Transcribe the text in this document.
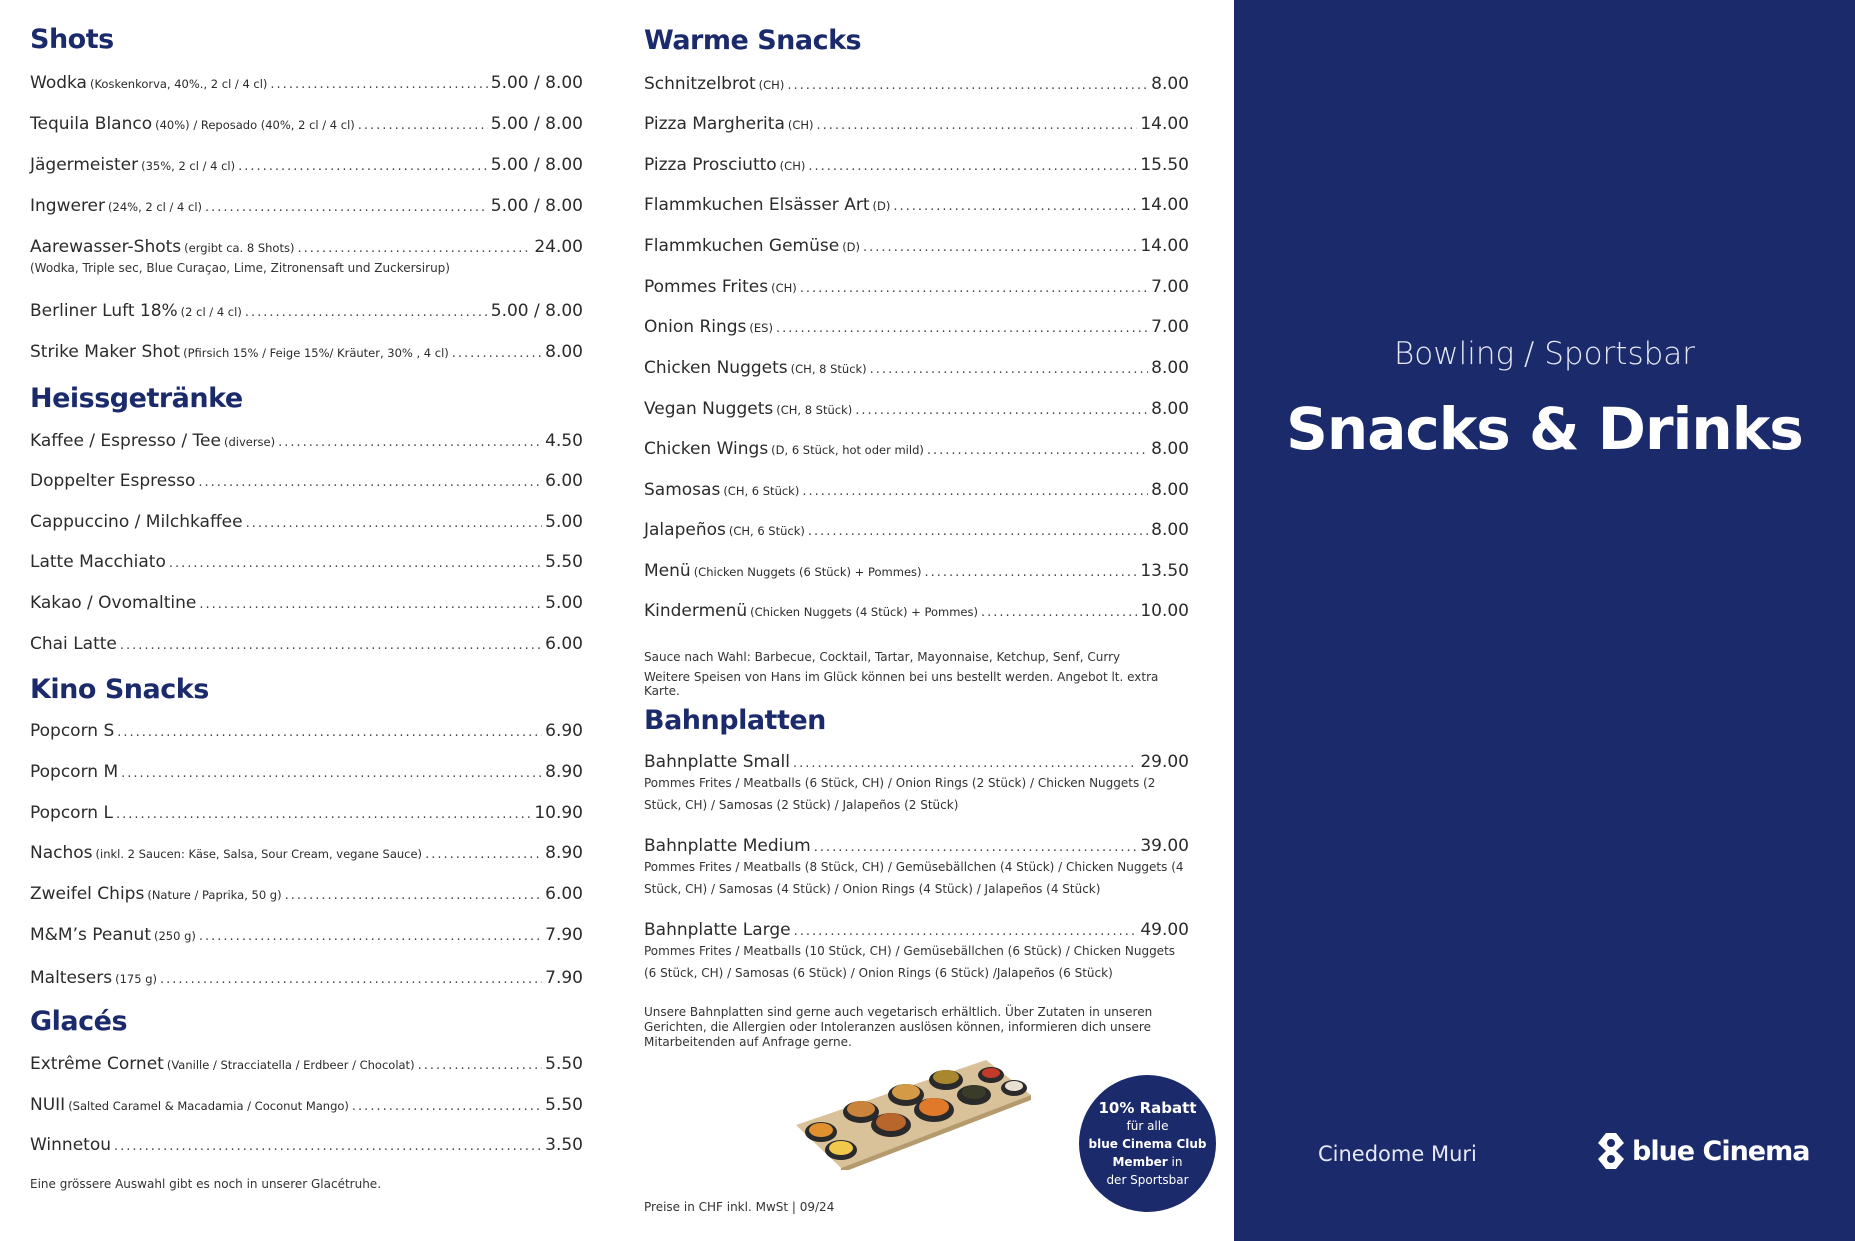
Shots
Wodka (Koskenkorva, 40%., 2 cl / 4 cl) .....	5.00 / 8.00
Tequila Blanco (40%) / Reposado (40%, 2 cl / 4 cl) .....	5.00 / 8.00
Jägermeister (35%, 2 cl / 4 cl) .....	5.00 / 8.00
Ingwerer (24%, 2 cl / 4 cl) .....	5.00 / 8.00
Aarewasser-Shots (ergibt ca. 8 Shots) .....	24.00
(Wodka, Triple sec, Blue Curaçao, Lime, Zitronensaft und Zuckersirup)
Berliner Luft 18% (2 cl / 4 cl) .....	5.00 / 8.00
Strike Maker Shot (Pfirsich 15% / Feige 15%/ Kräuter, 30% , 4 cl) .....	8.00
Heissgetränke
Kaffee / Espresso / Tee (diverse) .....	4.50
Doppelter Espresso .....	6.00
Cappuccino / Milchkaffee .....	5.00
Latte Macchiato .....	5.50
Kakao / Ovomaltine .....	5.00
Chai Latte .....	6.00
Kino Snacks
Popcorn S .....	6.90
Popcorn M .....	8.90
Popcorn L .....	10.90
Nachos (inkl. 2 Saucen: Käse, Salsa, Sour Cream, vegane Sauce) .....	8.90
Zweifel Chips (Nature / Paprika, 50 g) .....	6.00
M&M’s Peanut (250 g) .....	7.90
Maltesers (175 g) .....	7.90
Glacés
Extrême Cornet (Vanille / Stracciatella / Erdbeer / Chocolat) .....	5.50
NUII (Salted Caramel & Macadamia / Coconut Mango) .....	5.50
Winnetou .....	3.50
Eine grössere Auswahl gibt es noch in unserer Glacétruhe.
Warme Snacks
Schnitzelbrot (CH) .....	8.00
Pizza Margherita (CH) .....	14.00
Pizza Prosciutto (CH) .....	15.50
Flammkuchen Elsässer Art (D) .....	14.00
Flammkuchen Gemüse (D) .....	14.00
Pommes Frites (CH) .....	7.00
Onion Rings (ES) .....	7.00
Chicken Nuggets (CH, 8 Stück) .....	8.00
Vegan Nuggets (CH, 8 Stück) .....	8.00
Chicken Wings (D, 6 Stück, hot oder mild) .....	8.00
Samosas (CH, 6 Stück) .....	8.00
Jalapeños (CH, 6 Stück) .....	8.00
Menü (Chicken Nuggets (6 Stück) + Pommes) .....	13.50
Kindermenü (Chicken Nuggets (4 Stück) + Pommes) .....	10.00
Sauce nach Wahl: Barbecue, Cocktail, Tartar, Mayonnaise, Ketchup, Senf, Curry
Weitere Speisen von Hans im Glück können bei uns bestellt werden. Angebot lt. extra Karte.
Bahnplatten
Bahnplatte Small .....	29.00
Pommes Frites / Meatballs (6 Stück, CH) / Onion Rings (2 Stück) / Chicken Nuggets (2 Stück, CH) / Samosas (2 Stück) / Jalapeños (2 Stück)
Bahnplatte Medium .....	39.00
Pommes Frites / Meatballs (8 Stück, CH) / Gemüsebällchen (4 Stück) / Chicken Nuggets (4 Stück, CH) / Samosas (4 Stück) / Onion Rings (4 Stück) / Jalapeños (4 Stück)
Bahnplatte Large .....	49.00
Pommes Frites / Meatballs (10 Stück, CH) / Gemüsebällchen (6 Stück) / Chicken Nuggets (6 Stück, CH) / Samosas (6 Stück) / Onion Rings (6 Stück) /Jalapeños (6 Stück)
Unsere Bahnplatten sind gerne auch vegetarisch erhältlich. Über Zutaten in unseren Gerichten, die Allergien oder Intoleranzen auslösen können, informieren dich unsere Mitarbeitenden auf Anfrage gerne.
Preise in CHF inkl. MwSt | 09/24
10% Rabatt
für alle
blue Cinema Club Member in
der Sportsbar
Bowling / Sportsbar
Snacks & Drinks
Cinedome Muri	blue Cinema
